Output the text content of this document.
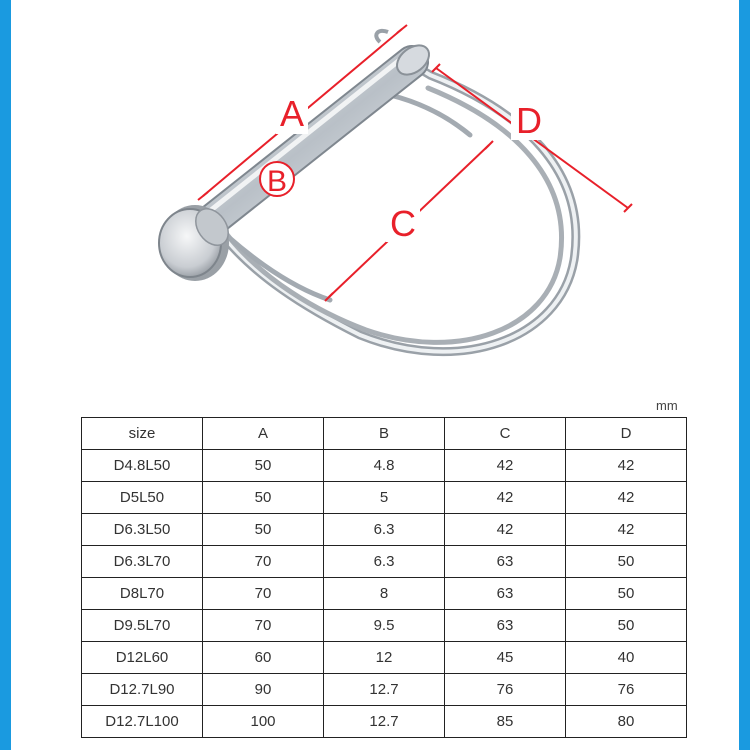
A
B
C
D
mm
size	A	B	C	D
D4.8L50	50	4.8	42	42
D5L50	50	5	42	42
D6.3L50	50	6.3	42	42
D6.3L70	70	6.3	63	50
D8L70	70	8	63	50
D9.5L70	70	9.5	63	50
D12L60	60	12	45	40
D12.7L90	90	12.7	76	76
D12.7L100	100	12.7	85	80
